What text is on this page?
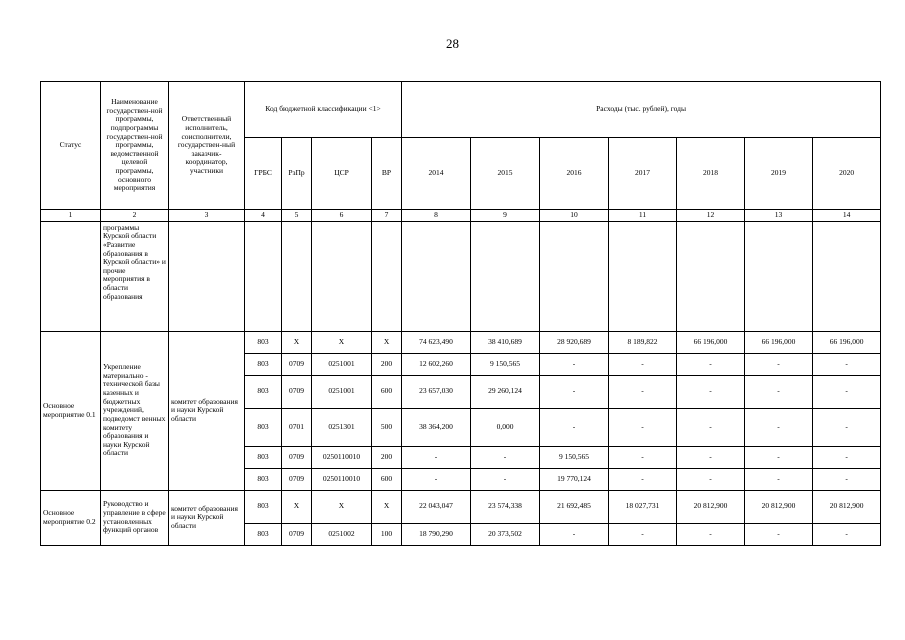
28
Статус	Наименование государствен-ной программы, подпрограммы государствен-ной программы, ведомственной целевой программы, основного мероприятия	Ответственный исполнитель, соисполнители, государствен-ный заказчик-координатор, участники	Код бюджетной классификации <1>				Расходы (тыс. рублей), годы						
			ГРБС	РзПр	ЦСР	ВР	2014	2015	2016	2017	2018	2019	2020
1	2	3	4	5	6	7	8	9	10	11	12	13	14
	программы Курской области «Развитие образования в Курской области» и прочие мероприятия в области образования												
Основное мероприятие 0.1	Укрепление материально - технической базы казенных и бюджетных учреждений, подведомст венных комитету образования и науки Курской области	комитет образования и науки Курской области	803	X	X	X	74 623,490	38 410,689	28 920,689	8 189,822	66 196,000	66 196,000	66 196,000
			803	0709	0251001	200	12 602,260	9 150,565	-	-	-	-	-
			803	0709	0251001	600	23 657,030	29 260,124	-	-	-	-	-
			803	0701	0251301	500	38 364,200	0,000	-	-	-	-	-
			803	0709	0250110010	200	-	-	9 150,565	-	-	-	-
			803	0709	0250110010	600	-	-	19 770,124	-	-	-	-
Основное мероприятие 0.2	Руководство и управление в сфере установленных функций органов	комитет образования и науки Курской области	803	X	X	X	22 043,047	23 574,338	21 692,485	18 027,731	20 812,900	20 812,900	20 812,900
			803	0709	0251002	100	18 790,290	20 373,502	-	-	-	-	-
